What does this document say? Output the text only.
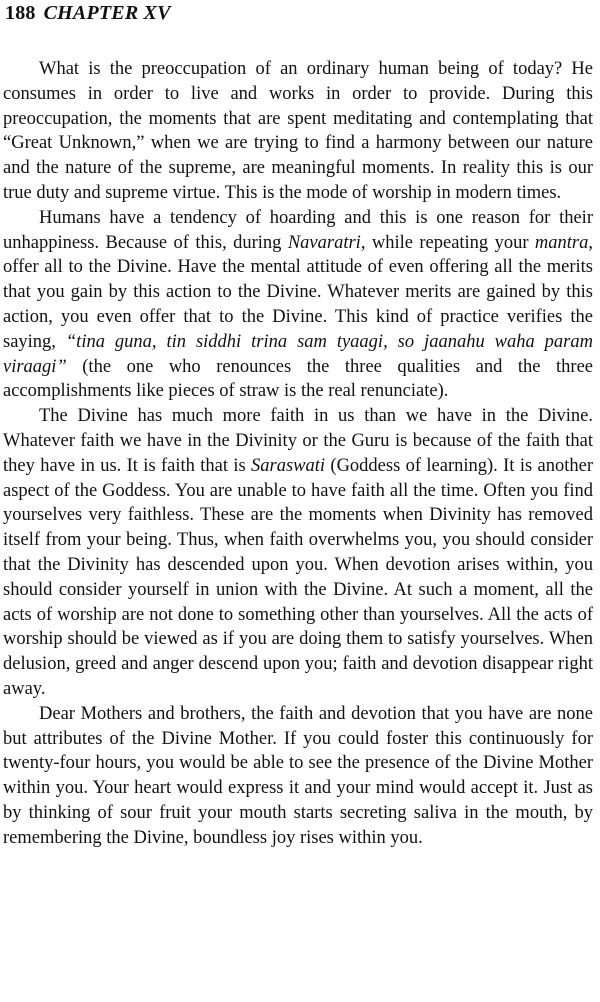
188 CHAPTER XV

What is the preoccupation of an ordinary human being of today? He consumes in order to live and works in order to provide. During this preoccupation, the moments that are spent meditating and contemplating that “Great Unknown,” when we are trying to find a harmony between our nature and the nature of the supreme, are meaningful moments. In reality this is our true duty and supreme virtue. This is the mode of worship in modern times.

Humans have a tendency of hoarding and this is one reason for their unhappiness. Because of this, during Navaratri, while repeating your mantra, offer all to the Divine. Have the mental attitude of even offering all the merits that you gain by this action to the Divine. Whatever merits are gained by this action, you even offer that to the Divine. This kind of practice verifies the saying, “tina guna, tin siddhi trina sam tyaagi, so jaanahu waha param viraagi” (the one who renounces the three qualities and the three accomplishments like pieces of straw is the real renunciate).

The Divine has much more faith in us than we have in the Divine. Whatever faith we have in the Divinity or the Guru is because of the faith that they have in us. It is faith that is Saraswati (Goddess of learning). It is another aspect of the Goddess. You are unable to have faith all the time. Often you find yourselves very faithless. These are the moments when Divinity has removed itself from your being. Thus, when faith overwhelms you, you should consider that the Divinity has descended upon you. When devotion arises within, you should consider yourself in union with the Divine. At such a moment, all the acts of worship are not done to something other than yourselves. All the acts of worship should be viewed as if you are doing them to satisfy yourselves. When delusion, greed and anger descend upon you; faith and devotion disappear right away.

Dear Mothers and brothers, the faith and devotion that you have are none but attributes of the Divine Mother. If you could foster this continuously for twenty-four hours, you would be able to see the presence of the Divine Mother within you. Your heart would express it and your mind would accept it. Just as by thinking of sour fruit your mouth starts secreting saliva in the mouth, by remembering the Divine, boundless joy rises within you.
